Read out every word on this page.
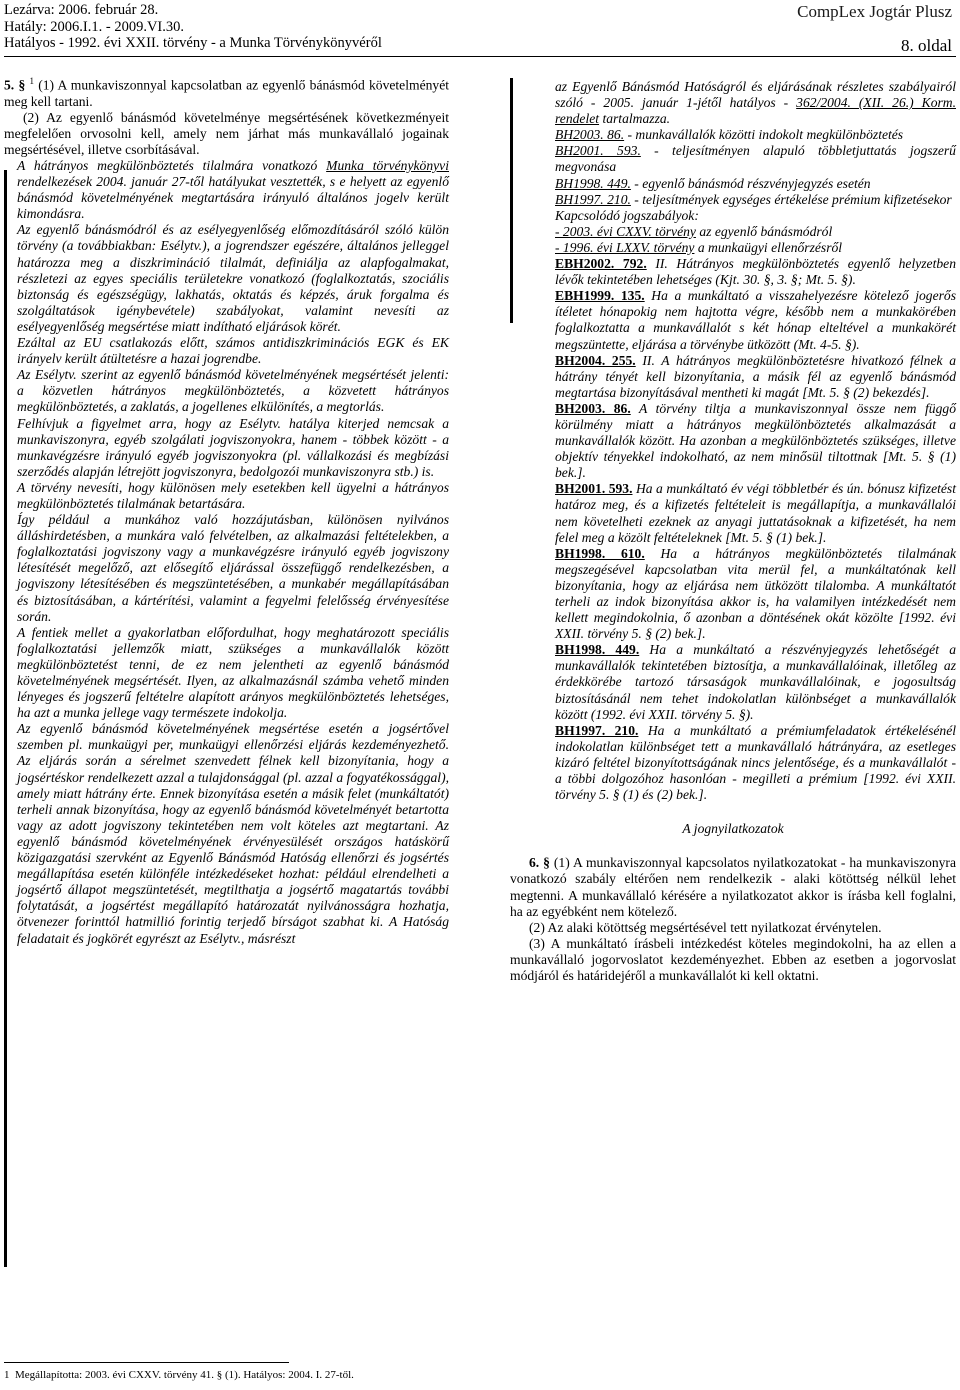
Lezárva: 2006. február 28.
Hatály: 2006.I.1. - 2009.VI.30.
Hatályos - 1992. évi XXII. törvény - a Munka Törvénykönyvéről
CompLex Jogtár Plusz
8. oldal

5. § $^1$ (1) A munkaviszonnyal kapcsolatban az egyenlő bánásmód követelményét meg kell tartani.

(2) Az egyenlő bánásmód követelménye megsértésének következményeit megfelelően orvosolni kell, amely nem járhat más munkavállaló jogainak megsértésével, illetve csorbításával.

A hátrányos megkülönböztetés tilalmára vonatkozó Munka törvénykönyvi rendelkezések 2004. január 27-től hatályukat vesztették, s e helyett az egyenlő bánásmód követelményének megtartására irányuló általános jogelv került kimondásra.

Az egyenlő bánásmódról és az esélyegyenlőség előmozdításáról szóló külön törvény (a továbbiakban: Esélytv.), a jogrendszer egészére, általános jelleggel határozza meg a diszkrimináció tilalmát, definiálja az alapfogalmakat, részletezi az egyes speciális területekre vonatkozó (foglalkoztatás, szociális biztonság és egészségügy, lakhatás, oktatás és képzés, áruk forgalma és szolgáltatások igénybevétele) szabályokat, valamint nevesíti az esélyegyenlőség megsértése miatt indítható eljárások körét.

Ezáltal az EU csatlakozás előtt, számos antidiszkriminációs EGK és EK irányelv került átültetésre a hazai jogrendbe.

Az Esélytv. szerint az egyenlő bánásmód követelményének megsértését jelenti: a közvetlen hátrányos megkülönböztetés, a közvetett hátrányos megkülönböztetés, a zaklatás, a jogellenes elkülönítés, a megtorlás.

Felhívjuk a figyelmet arra, hogy az Esélytv. hatálya kiterjed nemcsak a munkaviszonyra, egyéb szolgálati jogviszonyokra, hanem - többek között - a munkavégzésre irányuló egyéb jogviszonyokra (pl. vállalkozási és megbízási szerződés alapján létrejött jogviszonyra, bedolgozói munkaviszonyra stb.) is.

A törvény nevesíti, hogy különösen mely esetekben kell ügyelni a hátrányos megkülönböztetés tilalmának betartására.

Így például a munkához való hozzájutásban, különösen nyilvános álláshirdetésben, a munkára való felvételben, az alkalmazási feltételekben, a foglalkoztatási jogviszony vagy a munkavégzésre irányuló egyéb jogviszony létesítését megelőző, azt elősegítő eljárással összefüggő rendelkezésben, a jogviszony létesítésében és megszüntetésében, a munkabér megállapításában és biztosításában, a kártérítési, valamint a fegyelmi felelősség érvényesítése során.

A fentiek mellet a gyakorlatban előfordulhat, hogy meghatározott speciális foglalkoztatási jellemzők miatt, szükséges a munkavállalók között megkülönböztetést tenni, de ez nem jelentheti az egyenlő bánásmód követelményének megsértését. Ilyen, az alkalmazásnál számba vehető minden lényeges és jogszerű feltételre alapított arányos megkülönböztetés lehetséges, ha azt a munka jellege vagy természete indokolja.

Az egyenlő bánásmód követelményének megsértése esetén a jogsértővel szemben pl. munkaügyi per, munkaügyi ellenőrzési eljárás kezdeményezhető. Az eljárás során a sérelmet szenvedett félnek kell bizonyítania, hogy a jogsértéskor rendelkezett azzal a tulajdonsággal (pl. azzal a fogyatékossággal), amely miatt hátrány érte. Ennek bizonyítása esetén a másik felet (munkáltatót) terheli annak bizonyítása, hogy az egyenlő bánásmód követelményét betartotta vagy az adott jogviszony tekintetében nem volt köteles azt megtartani. Az egyenlő bánásmód követelményének érvényesülését országos hatáskörű közigazgatási szervként az Egyenlő Bánásmód Hatóság ellenőrzi és jogsértés megállapítása esetén különféle intézkedéseket hozhat: például elrendelheti a jogsértő állapot megszüntetését, megtilthatja a jogsértő magatartás további folytatását, a jogsértést megállapító határozatát nyilvánosságra hozhatja, ötvenezer forinttól hatmillió forintig terjedő bírságot szabhat ki. A Hatóság feladatait és jogkörét egyrészt az Esélytv., másrészt

az Egyenlő Bánásmód Hatóságról és eljárásának részletes szabályairól szóló - 2005. január 1-jétől hatályos - 362/2004. (XII. 26.) Korm. rendelet tartalmazza.

BH2003. 86. - munkavállalók közötti indokolt megkülönböztetés

BH2001. 593. - teljesítményen alapuló többletjuttatás jogszerű megvonása

BH1998. 449. - egyenlő bánásmód részvényjegyzés esetén

BH1997. 210. - teljesítmények egységes értékelése prémium kifizetésekor

Kapcsolódó jogszabályok:

- 2003. évi CXXV. törvény az egyenlő bánásmódról

- 1996. évi LXXV. törvény a munkaügyi ellenőrzésről

EBH2002. 792. II. Hátrányos megkülönböztetés egyenlő helyzetben lévők tekintetében lehetséges (Kjt. 30. §, 3. §; Mt. 5. §).

EBH1999. 135. Ha a munkáltató a visszahelyezésre kötelező jogerős ítéletet hónapokig nem hajtotta végre, később nem a munkakörében foglalkoztatta a munkavállalót s két hónap elteltével a munkakörét megszüntette, eljárása a törvénybe ütközött (Mt. 4-5. §).

BH2004. 255. II. A hátrányos megkülönböztetésre hivatkozó félnek a hátrány tényét kell bizonyítania, a másik fél az egyenlő bánásmód megtartása bizonyításával mentheti ki magát [Mt. 5. § (2) bekezdés].

BH2003. 86. A törvény tiltja a munkaviszonnyal össze nem függő körülmény miatt a hátrányos megkülönböztetés alkalmazását a munkavállalók között. Ha azonban a megkülönböztetés szükséges, illetve objektív tényekkel indokolható, az nem minősül tiltottnak [Mt. 5. § (1) bek.].

BH2001. 593. Ha a munkáltató év végi többletbér és ún. bónusz kifizetést határoz meg, és a kifizetés feltételeit is megállapítja, a munkavállalói nem követelheti ezeknek az anyagi juttatásoknak a kifizetését, ha nem felel meg a közölt feltételeknek [Mt. 5. § (1) bek.].

BH1998. 610. Ha a hátrányos megkülönböztetés tilalmának megszegésével kapcsolatban vita merül fel, a munkáltatónak kell bizonyítania, hogy az eljárása nem ütközött tilalomba. A munkáltatót terheli az indok bizonyítása akkor is, ha valamilyen intézkedését nem kellett megindokolnia, ő azonban a döntésének okát közölte [1992. évi XXII. törvény 5. § (2) bek.].

BH1998. 449. Ha a munkáltató a részvényjegyzés lehetőségét a munkavállalók tekintetében biztosítja, a munkavállalóinak, illetőleg az érdekkörébe tartozó társaságok munkavállalóinak, e jogosultság biztosításánál nem tehet indokolatlan különbséget a munkavállalók között (1992. évi XXII. törvény 5. §).

BH1997. 210. Ha a munkáltató a prémiumfeladatok értékelésénél indokolatlan különbséget tett a munkavállaló hátrányára, az esetleges kizáró feltétel bizonyítottságának nincs jelentősége, és a munkavállalót - a többi dolgozóhoz hasonlóan - megilleti a prémium [1992. évi XXII. törvény 5. § (1) és (2) bek.].

A jognyilatkozatok

6. § (1) A munkaviszonnyal kapcsolatos nyilatkozatokat - ha munkaviszonyra vonatkozó szabály eltérően nem rendelkezik - alaki kötöttség nélkül lehet megtenni. A munkavállaló kérésére a nyilatkozatot akkor is írásba kell foglalni, ha az egyébként nem kötelező.

(2) Az alaki kötöttség megsértésével tett nyilatkozat érvénytelen.

(3) A munkáltató írásbeli intézkedést köteles megindokolni, ha az ellen a munkavállaló jogorvoslatot kezdeményezhet. Ebben az esetben a jogorvoslat módjáról és határidejéről a munkavállalót ki kell oktatni.

1 Megállapította: 2003. évi CXXV. törvény 41. § (1). Hatályos: 2004. I. 27-től.
